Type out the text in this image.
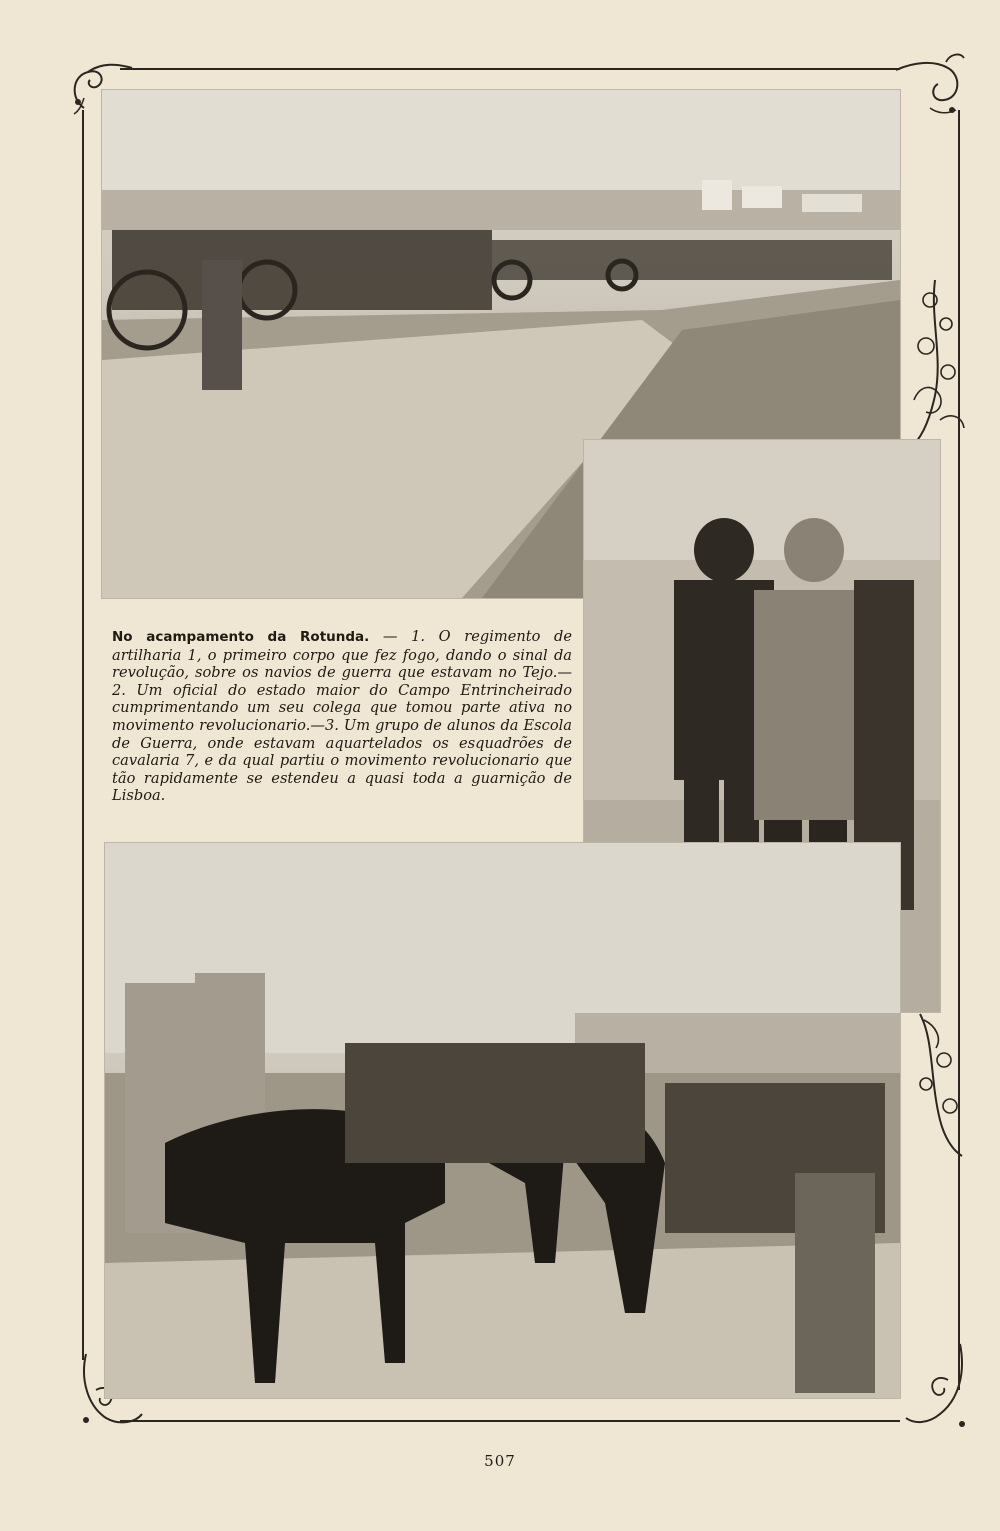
No acampamento da Rotunda. — 1. O regimento de artilharia 1, o primeiro corpo que fez fogo, dando o sinal da revolução, sobre os navios de guerra que estavam no Tejo.—2. Um oficial do estado maior do Campo Entrincheirado cumprimentando um seu colega que tomou parte ativa no movimento revolucionario.—3. Um grupo de alunos da Escola de Guerra, onde estavam aquartelados os esquadrões de cavalaria 7, e da qual partiu o movimento revolucionario que tão rapidamente se estendeu a quasi toda a guarnição de Lisboa.
507
